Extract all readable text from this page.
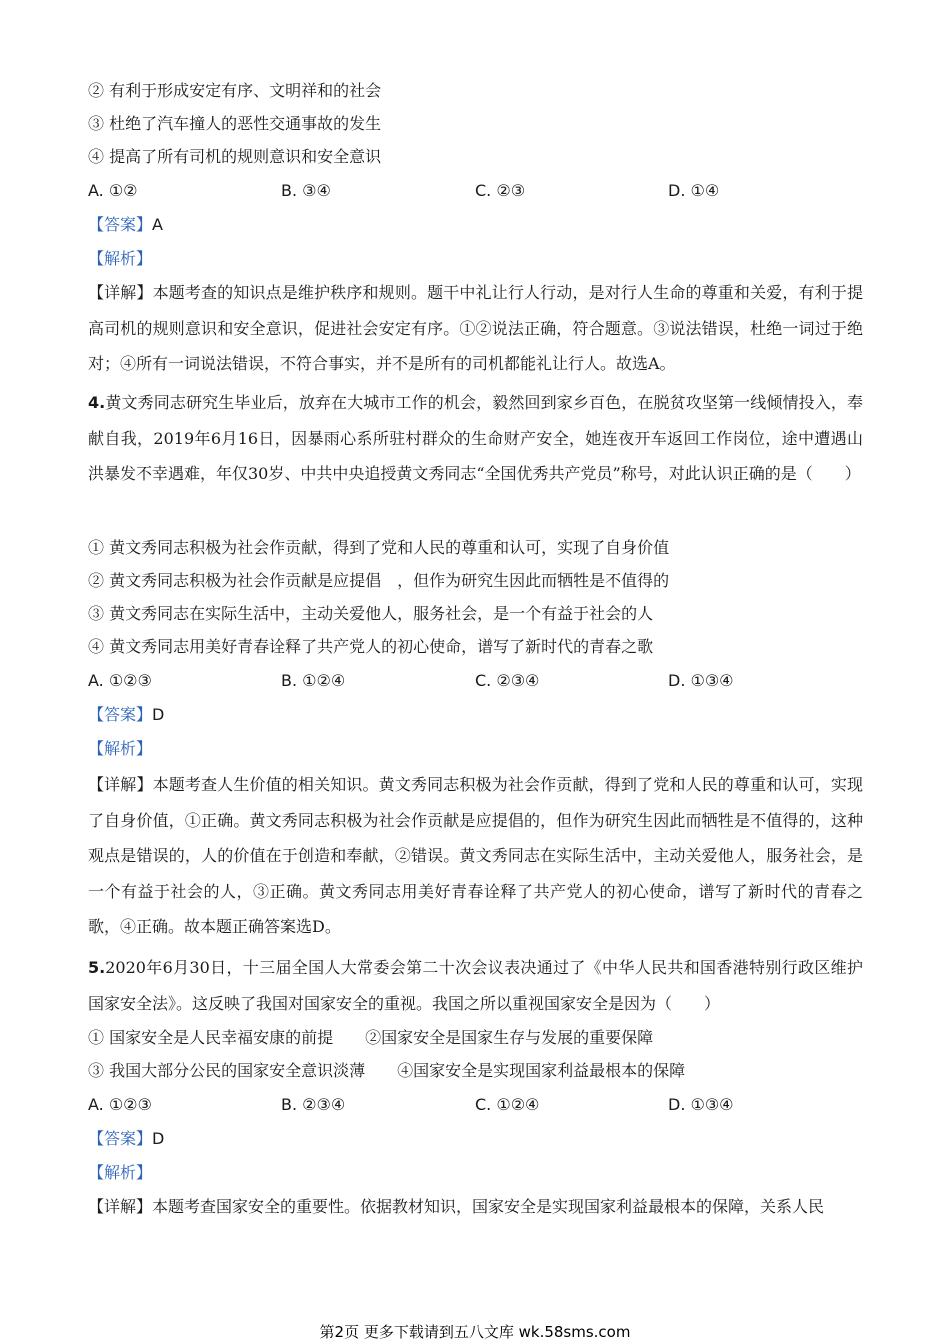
② 有利于形成安定有序、文明祥和的社会
③ 杜绝了汽车撞人的恶性交通事故的发生
④ 提高了所有司机的规则意识和安全意识
A. ①②	B. ③④	C. ②③	D. ①④
【答案】A
【解析】
【详解】本题考查的知识点是维护秩序和规则。题干中礼让行人行动，是对行人生命的尊重和关爱，有利于提高司机的规则意识和安全意识，促进社会安定有序。①②说法正确，符合题意。③说法错误，杜绝一词过于绝对；④所有一词说法错误，不符合事实，并不是所有的司机都能礼让行人。故选A。
4.黄文秀同志研究生毕业后，放弃在大城市工作的机会，毅然回到家乡百色，在脱贫攻坚第一线倾情投入，奉献自我，2019年6月16日，因暴雨心系所驻村群众的生命财产安全，她连夜开车返回工作岗位，途中遭遇山洪暴发不幸遇难，年仅30岁、中共中央追授黄文秀同志“全国优秀共产党员”称号，对此认识正确的是（　　）
① 黄文秀同志积极为社会作贡献，得到了党和人民的尊重和认可，实现了自身价值
② 黄文秀同志积极为社会作贡献是应提倡　，但作为研究生因此而牺牲是不值得的
③ 黄文秀同志在实际生活中，主动关爱他人，服务社会，是一个有益于社会的人
④ 黄文秀同志用美好青春诠释了共产党人的初心使命，谱写了新时代的青春之歌
A. ①②③	B. ①②④	C. ②③④	D. ①③④
【答案】D
【解析】
【详解】本题考查人生价值的相关知识。黄文秀同志积极为社会作贡献，得到了党和人民的尊重和认可，实现了自身价值，①正确。黄文秀同志积极为社会作贡献是应提倡的，但作为研究生因此而牺牲是不值得的，这种观点是错误的，人的价值在于创造和奉献，②错误。黄文秀同志在实际生活中，主动关爱他人，服务社会，是一个有益于社会的人，③正确。黄文秀同志用美好青春诠释了共产党人的初心使命，谱写了新时代的青春之歌，④正确。故本题正确答案选D。
5.2020年6月30日，十三届全国人大常委会第二十次会议表决通过了《中华人民共和国香港特别行政区维护国家安全法》。这反映了我国对国家安全的重视。我国之所以重视国家安全是因为（　　）
① 国家安全是人民幸福安康的前提　　②国家安全是国家生存与发展的重要保障
③ 我国大部分公民的国家安全意识淡薄　　④国家安全是实现国家利益最根本的保障
A. ①②③	B. ②③④	C. ①②④	D. ①③④
【答案】D
【解析】
【详解】本题考查国家安全的重要性。依据教材知识，国家安全是实现国家利益最根本的保障，关系人民
第2页 更多下载请到五八文库 wk.58sms.com
